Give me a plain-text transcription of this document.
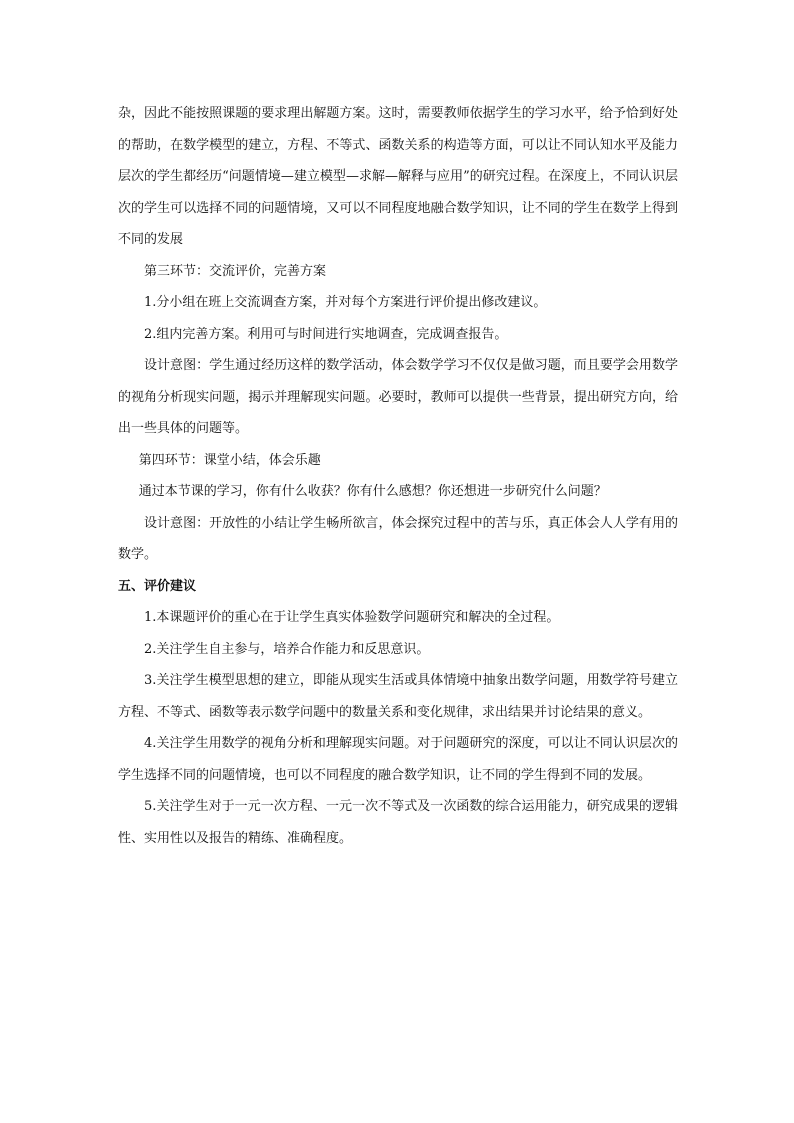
杂，因此不能按照课题的要求理出解题方案。这时，需要教师依据学生的学习水平，给予恰到好处的帮助，在数学模型的建立，方程、不等式、函数关系的构造等方面，可以让不同认知水平及能力层次的学生都经历“问题情境—建立模型—求解—解释与应用”的研究过程。在深度上，不同认识层次的学生可以选择不同的问题情境，又可以不同程度地融合数学知识，让不同的学生在数学上得到不同的发展

第三环节：交流评价，完善方案

1.分小组在班上交流调查方案，并对每个方案进行评价提出修改建议。

2.组内完善方案。利用可与时间进行实地调查，完成调查报告。

设计意图：学生通过经历这样的数学活动，体会数学学习不仅仅是做习题，而且要学会用数学的视角分析现实问题，揭示并理解现实问题。必要时，教师可以提供一些背景，提出研究方向，给出一些具体的问题等。

第四环节：课堂小结，体会乐趣

通过本节课的学习，你有什么收获？你有什么感想？你还想进一步研究什么问题？

设计意图：开放性的小结让学生畅所欲言，体会探究过程中的苦与乐，真正体会人人学有用的数学。

五、评价建议

1.本课题评价的重心在于让学生真实体验数学问题研究和解决的全过程。

2.关注学生自主参与，培养合作能力和反思意识。

3.关注学生模型思想的建立，即能从现实生活或具体情境中抽象出数学问题，用数学符号建立方程、不等式、函数等表示数学问题中的数量关系和变化规律，求出结果并讨论结果的意义。

4.关注学生用数学的视角分析和理解现实问题。对于问题研究的深度，可以让不同认识层次的学生选择不同的问题情境，也可以不同程度的融合数学知识，让不同的学生得到不同的发展。

5.关注学生对于一元一次方程、一元一次不等式及一次函数的综合运用能力，研究成果的逻辑性、实用性以及报告的精练、准确程度。
